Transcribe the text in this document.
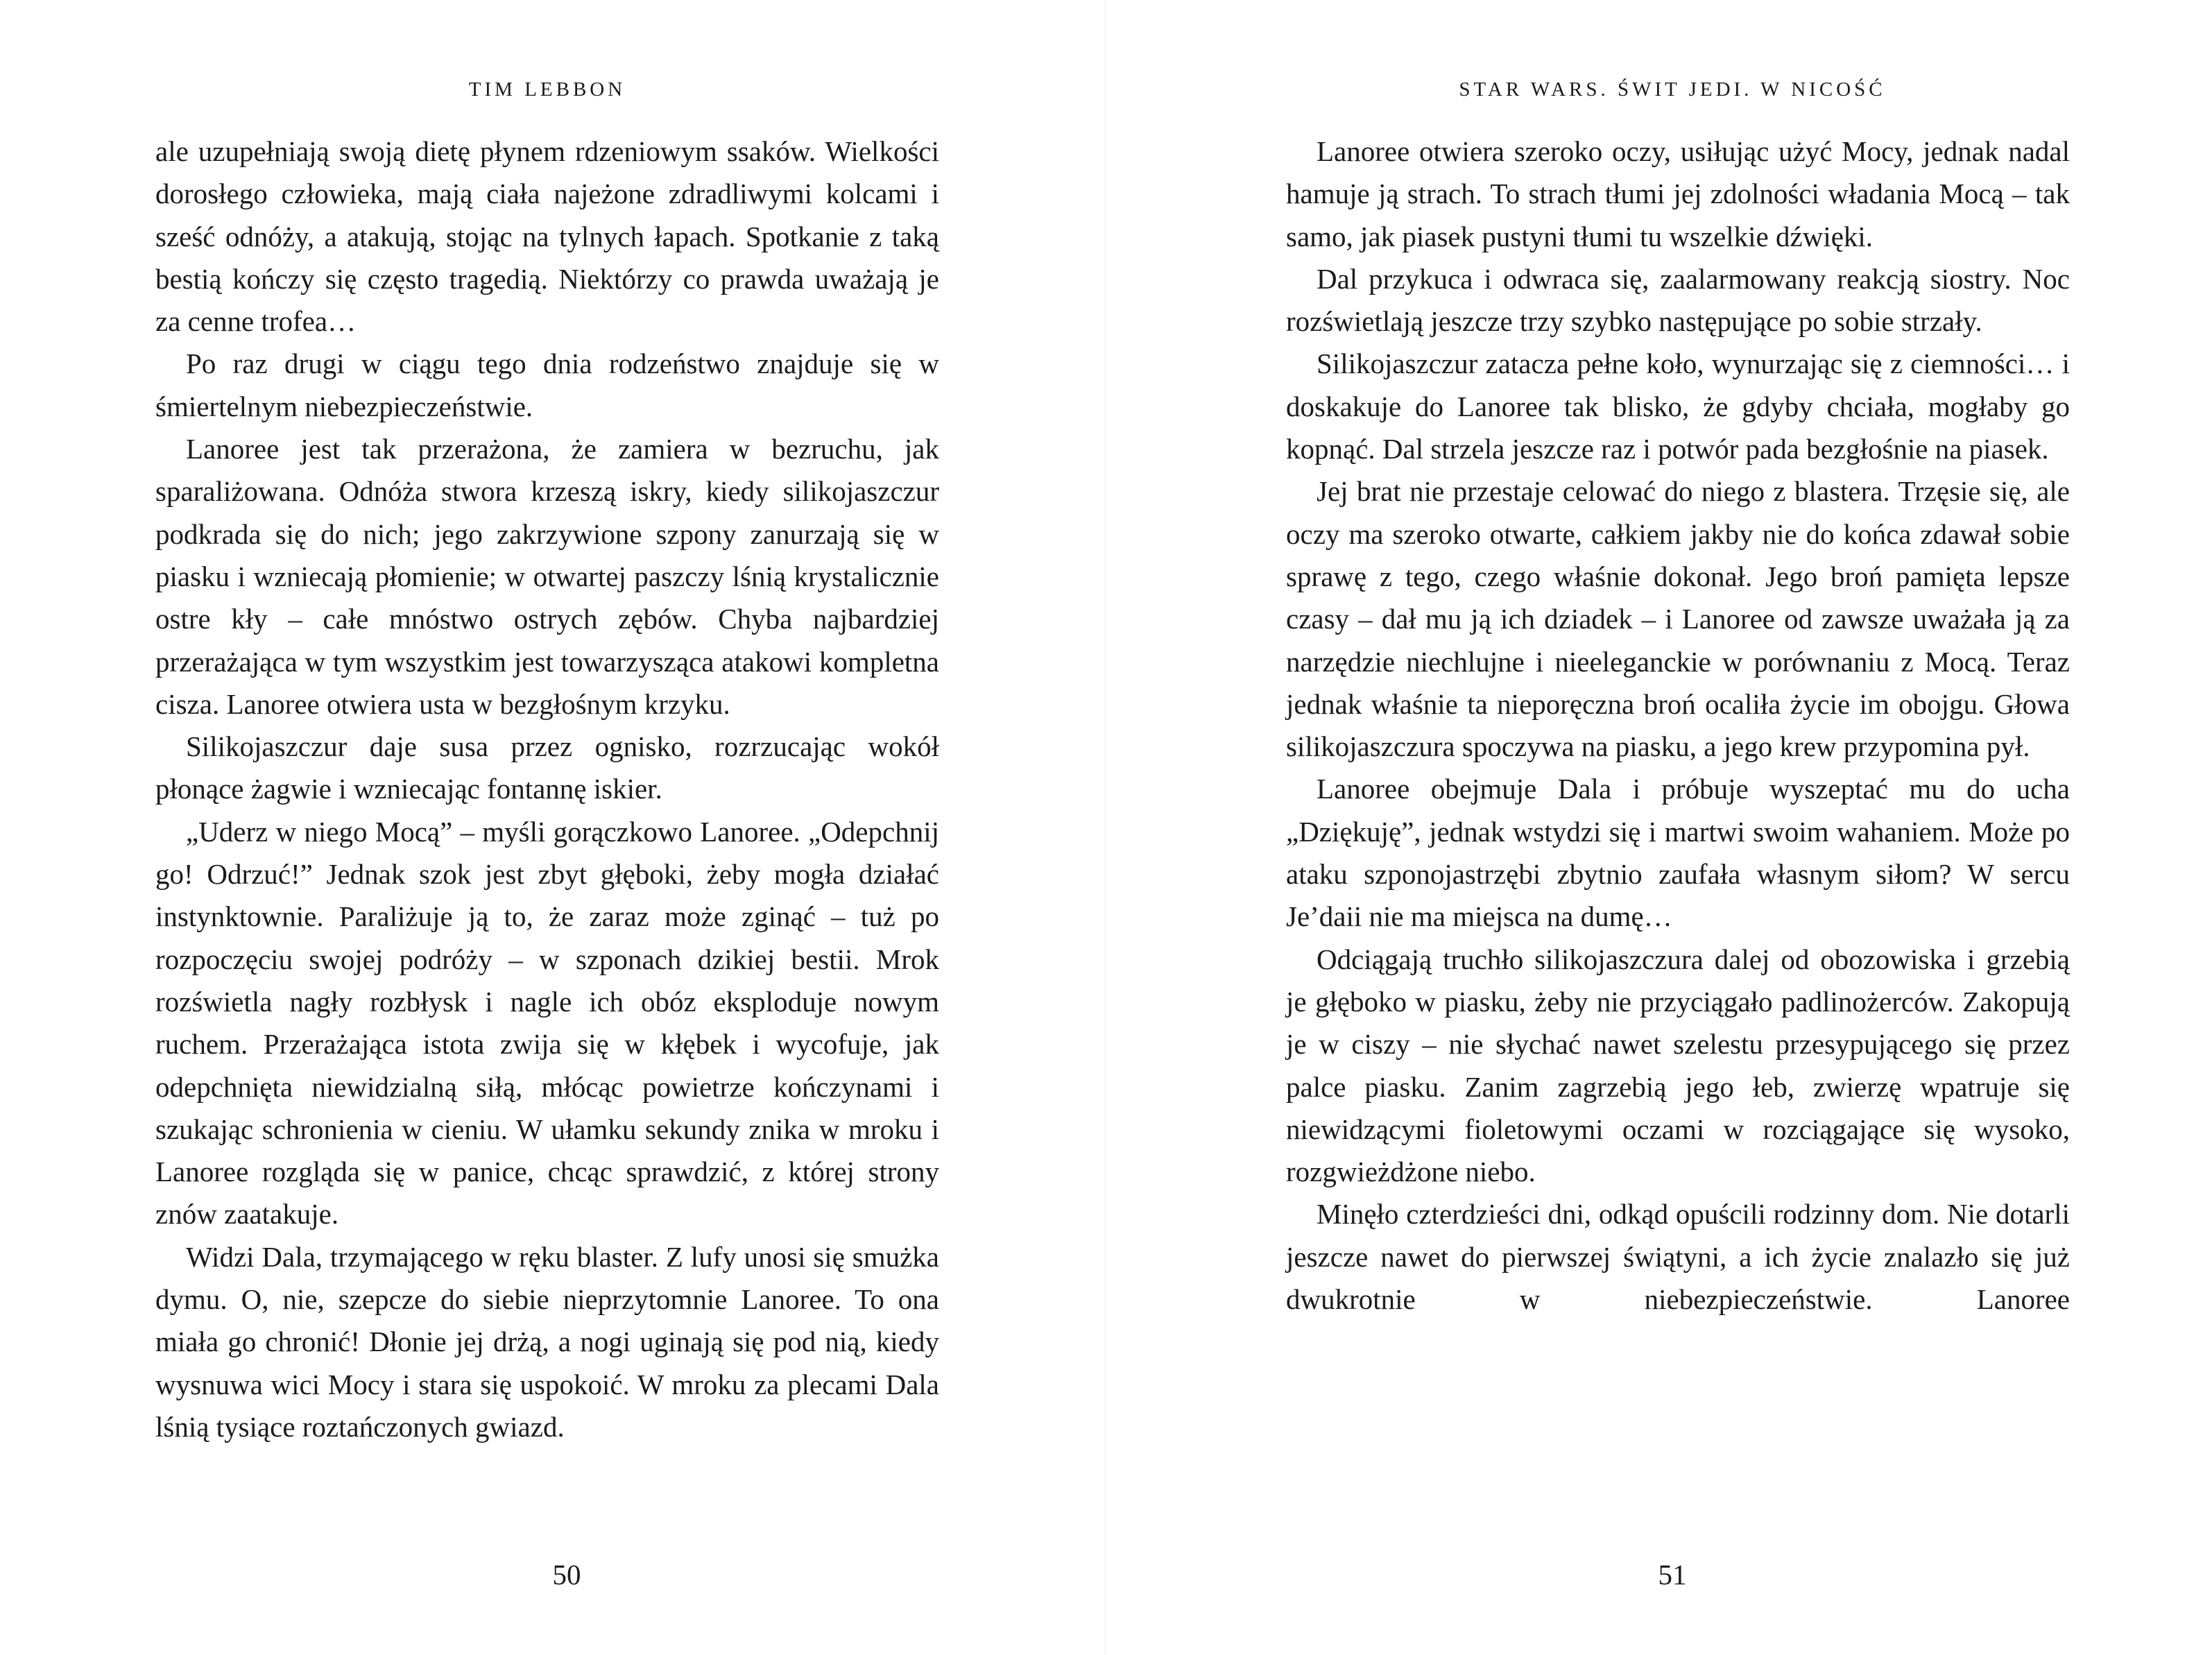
TIM LEBBON

ale uzupełniają swoją dietę płynem rdzeniowym ssaków. Wielkości dorosłego człowieka, mają ciała najeżone zdradliwymi kolcami i sześć odnóży, a atakują, stojąc na tylnych łapach. Spotkanie z taką bestią kończy się często tragedią. Niektórzy co prawda uważają je za cenne trofea…

Po raz drugi w ciągu tego dnia rodzeństwo znajduje się w śmiertelnym niebezpieczeństwie.

Lanoree jest tak przerażona, że zamiera w bezruchu, jak sparaliżowana. Odnóża stwora krzeszą iskry, kiedy silikojaszczur podkrada się do nich; jego zakrzywione szpony zanurzają się w piasku i wzniecają płomienie; w otwartej paszczy lśnią krystalicznie ostre kły – całe mnóstwo ostrych zębów. Chyba najbardziej przerażająca w tym wszystkim jest towarzysząca atakowi kompletna cisza. Lanoree otwiera usta w bezgłośnym krzyku.

Silikojaszczur daje susa przez ognisko, rozrzucając wokół płonące żagwie i wzniecając fontannę iskier.

„Uderz w niego Mocą” – myśli gorączkowo Lanoree. „Odepchnij go! Odrzuć!” Jednak szok jest zbyt głęboki, żeby mogła działać instynktownie. Paraliżuje ją to, że zaraz może zginąć – tuż po rozpoczęciu swojej podróży – w szponach dzikiej bestii. Mrok rozświetla nagły rozbłysk i nagle ich obóz eksploduje nowym ruchem. Przerażająca istota zwija się w kłębek i wycofuje, jak odepchnięta niewidzialną siłą, młócąc powietrze kończynami i szukając schronienia w cieniu. W ułamku sekundy znika w mroku i Lanoree rozgląda się w panice, chcąc sprawdzić, z której strony znów zaatakuje.

Widzi Dala, trzymającego w ręku blaster. Z lufy unosi się smużka dymu. O, nie, szepcze do siebie nieprzytomnie Lanoree. To ona miała go chronić! Dłonie jej drżą, a nogi uginają się pod nią, kiedy wysnuwa wici Mocy i stara się uspokoić. W mroku za plecami Dala lśnią tysiące roztańczonych gwiazd.

50
STAR WARS. ŚWIT JEDI. W NICOŚĆ

Lanoree otwiera szeroko oczy, usiłując użyć Mocy, jednak nadal hamuje ją strach. To strach tłumi jej zdolności władania Mocą – tak samo, jak piasek pustyni tłumi tu wszelkie dźwięki.

Dal przykuca i odwraca się, zaalarmowany reakcją siostry. Noc rozświetlają jeszcze trzy szybko następujące po sobie strzały.

Silikojaszczur zatacza pełne koło, wynurzając się z ciemności… i doskakuje do Lanoree tak blisko, że gdyby chciała, mogłaby go kopnąć. Dal strzela jeszcze raz i potwór pada bezgłośnie na piasek.

Jej brat nie przestaje celować do niego z blastera. Trzęsie się, ale oczy ma szeroko otwarte, całkiem jakby nie do końca zdawał sobie sprawę z tego, czego właśnie dokonał. Jego broń pamięta lepsze czasy – dał mu ją ich dziadek – i Lanoree od zawsze uważała ją za narzędzie niechlujne i nieeleganckie w porównaniu z Mocą. Teraz jednak właśnie ta nieporęczna broń ocaliła życie im obojgu. Głowa silikojaszczura spoczywa na piasku, a jego krew przypomina pył.

Lanoree obejmuje Dala i próbuje wyszeptać mu do ucha „Dziękuję”, jednak wstydzi się i martwi swoim wahaniem. Może po ataku szponojastrzębi zbytnio zaufała własnym siłom? W sercu Je’daii nie ma miejsca na dumę…

Odciągają truchło silikojaszczura dalej od obozowiska i grzebią je głęboko w piasku, żeby nie przyciągało padlinożerców. Zakopują je w ciszy – nie słychać nawet szelestu przesypującego się przez palce piasku. Zanim zagrzebią jego łeb, zwierzę wpatruje się niewidzącymi fioletowymi oczami w rozciągające się wysoko, rozgwieżdżone niebo.

Minęło czterdzieści dni, odkąd opuścili rodzinny dom. Nie dotarli jeszcze nawet do pierwszej świątyni, a ich życie znalazło się już dwukrotnie w niebezpieczeństwie. Lanoree

51
